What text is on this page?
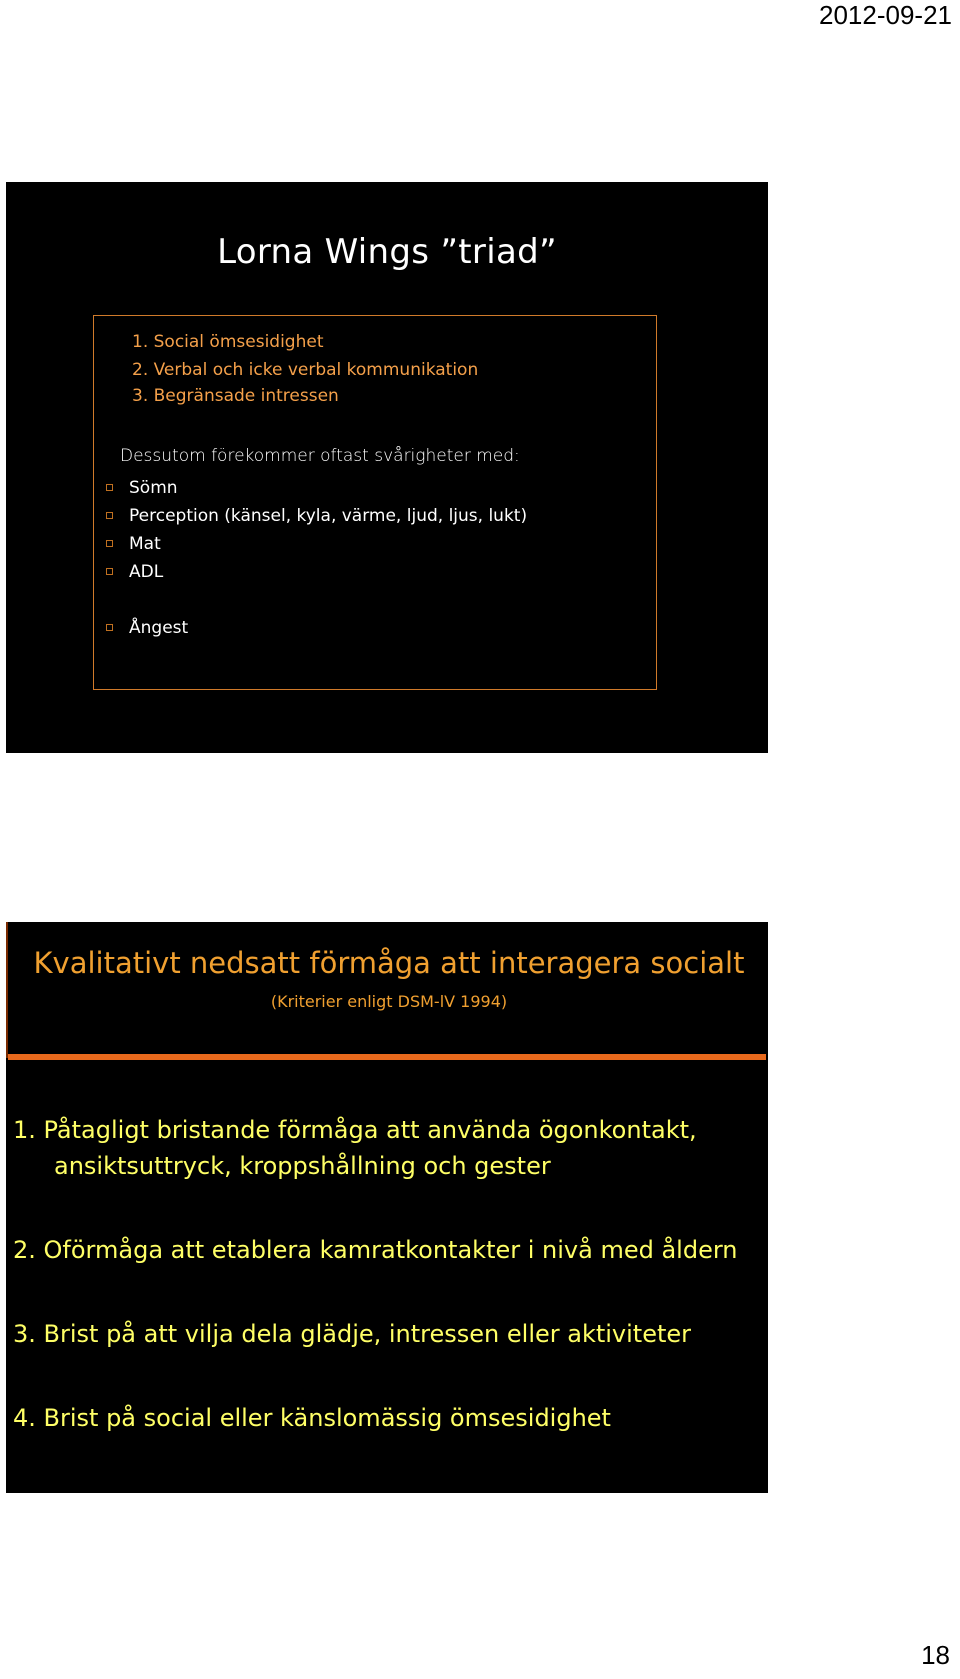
2012-09-21
Lorna Wings ”triad”
1. Social ömsesidighet
2. Verbal och icke verbal kommunikation
3. Begränsade intressen
Dessutom förekommer oftast svårigheter med:
Sömn
Perception (känsel, kyla, värme, ljud, ljus, lukt)
Mat
ADL
Ångest
Kvalitativt nedsatt förmåga att interagera socialt
(Kriterier enligt DSM-lV 1994)
1. Påtagligt bristande förmåga att använda ögonkontakt,
ansiktsuttryck, kroppshållning och gester
2. Oförmåga att etablera kamratkontakter i nivå med åldern
3. Brist på att vilja dela glädje, intressen eller aktiviteter
4. Brist på social eller känslomässig ömsesidighet
18
